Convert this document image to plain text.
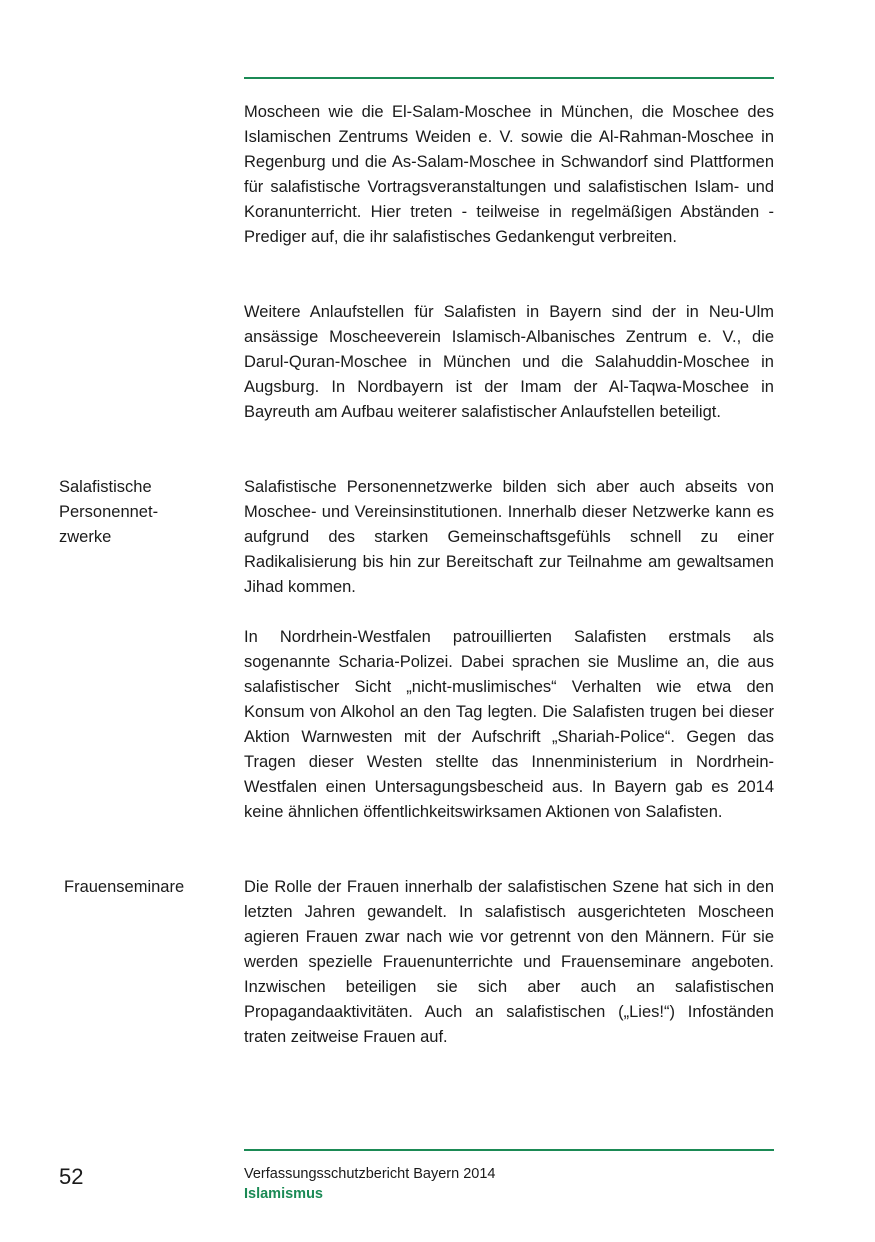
Moscheen wie die El-Salam-Moschee in München, die Moschee des Islamischen Zentrums Weiden e. V. sowie die Al-Rahman-Moschee in Regenburg und die As-Salam-Moschee in Schwandorf sind Plattformen für salafistische Vortragsveranstaltungen und salafistischen Islam- und Koranunterricht. Hier treten - teilweise in regelmäßigen Abständen - Prediger auf, die ihr salafistisches Gedankengut verbreiten.

Weitere Anlaufstellen für Salafisten in Bayern sind der in Neu-Ulm ansässige Moscheeverein Islamisch-Albanisches Zentrum e. V., die Darul-Quran-Moschee in München und die Salahuddin-Moschee in Augsburg. In Nordbayern ist der Imam der Al-Taqwa-Moschee in Bayreuth am Aufbau weiterer salafistischer Anlaufstellen beteiligt.

Salafistische
Personennet-
zwerke

Salafistische Personennetzwerke bilden sich aber auch abseits von Moschee- und Vereinsinstitutionen. Innerhalb dieser Netzwerke kann es aufgrund des starken Gemeinschaftsgefühls schnell zu einer Radikalisierung bis hin zur Bereitschaft zur Teilnahme am gewaltsamen Jihad kommen.

In Nordrhein-Westfalen patrouillierten Salafisten erstmals als sogenannte Scharia-Polizei. Dabei sprachen sie Muslime an, die aus salafistischer Sicht „nicht-muslimisches“ Verhalten wie etwa den Konsum von Alkohol an den Tag legten. Die Salafisten trugen bei dieser Aktion Warnwesten mit der Aufschrift „Shariah-Police“. Gegen das Tragen dieser Westen stellte das Innenministerium in Nordrhein-Westfalen einen Untersagungsbescheid aus. In Bayern gab es 2014 keine ähnlichen öffentlichkeitswirksamen Aktionen von Salafisten.

Frauenseminare	Die Rolle der Frauen innerhalb der salafistischen Szene hat sich in den letzten Jahren gewandelt. In salafistisch ausgerichteten Moscheen agieren Frauen zwar nach wie vor getrennt von den Männern. Für sie werden spezielle Frauenunterrichte und Frauenseminare angeboten. Inzwischen beteiligen sie sich aber auch an salafistischen Propagandaaktivitäten. Auch an salafistischen („Lies!“) Infoständen traten zeitweise Frauen auf.

52	Verfassungsschutzbericht Bayern 2014
Islamismus
